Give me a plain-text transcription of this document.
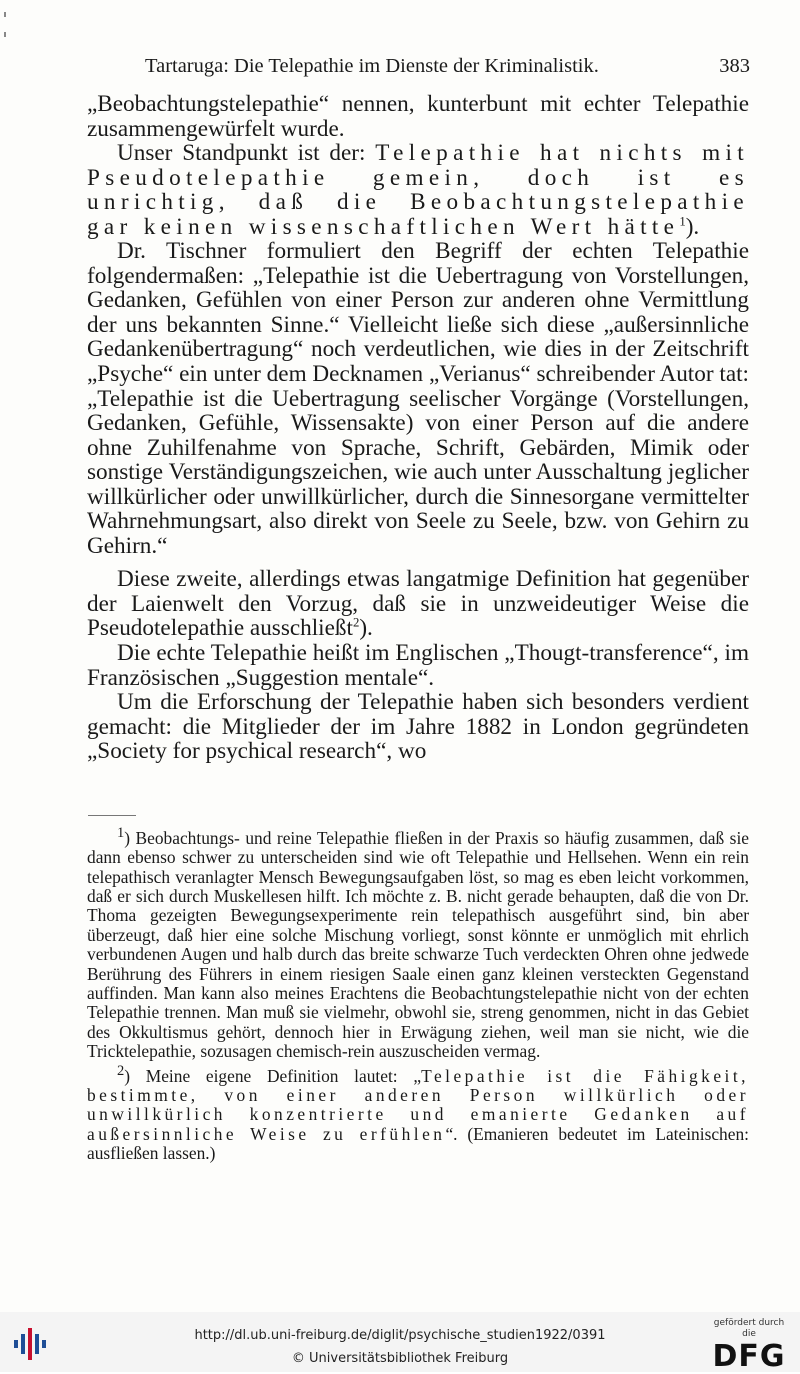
Tartaruga: Die Telepathie im Dienste der Kriminalistik.	383

„Beobachtungstelepathie“ nennen, kunterbunt mit echter Telepathie zusammengewürfelt wurde.

Unser Standpunkt ist der: Telepathie hat nichts mit Pseudotelepathie gemein, doch ist es unrichtig, daß die Beobachtungstelepathie gar keinen wissenschaftlichen Wert hätte$^1$).

Dr. Tischner formuliert den Begriff der echten Telepathie folgendermaßen: „Telepathie ist die Uebertragung von Vorstellungen, Gedanken, Gefühlen von einer Person zur anderen ohne Vermittlung der uns bekannten Sinne.“ Vielleicht ließe sich diese „außersinnliche Gedankenübertragung“ noch verdeutlichen, wie dies in der Zeitschrift „Psyche“ ein unter dem Decknamen „Verianus“ schreibender Autor tat: „Telepathie ist die Uebertragung seelischer Vorgänge (Vorstellungen, Gedanken, Gefühle, Wissensakte) von einer Person auf die andere ohne Zuhilfenahme von Sprache, Schrift, Gebärden, Mimik oder sonstige Verständigungszeichen, wie auch unter Ausschaltung jeglicher willkürlicher oder unwillkürlicher, durch die Sinnesorgane vermittelter Wahrnehmungsart, also direkt von Seele zu Seele, bzw. von Gehirn zu Gehirn.“

Diese zweite, allerdings etwas langatmige Definition hat gegenüber der Laienwelt den Vorzug, daß sie in unzweideutiger Weise die Pseudotelepathie ausschließt$^2$).

Die echte Telepathie heißt im Englischen „Thougt-transference“, im Französischen „Suggestion mentale“.

Um die Erforschung der Telepathie haben sich besonders verdient gemacht: die Mitglieder der im Jahre 1882 in London gegründeten „Society for psychical research“, wo

$^1$) Beobachtungs- und reine Telepathie fließen in der Praxis so häufig zusammen, daß sie dann ebenso schwer zu unterscheiden sind wie oft Telepathie und Hellsehen. Wenn ein rein telepathisch veranlagter Mensch Bewegungsaufgaben löst, so mag es eben leicht vorkommen, daß er sich durch Muskellesen hilft. Ich möchte z. B. nicht gerade behaupten, daß die von Dr. Thoma gezeigten Bewegungsexperimente rein telepathisch ausgeführt sind, bin aber überzeugt, daß hier eine solche Mischung vorliegt, sonst könnte er unmöglich mit ehrlich verbundenen Augen und halb durch das breite schwarze Tuch verdeckten Ohren ohne jedwede Berührung des Führers in einem riesigen Saale einen ganz kleinen versteckten Gegenstand auffinden. Man kann also meines Erachtens die Beobachtungstelepathie nicht von der echten Telepathie trennen. Man muß sie vielmehr, obwohl sie, streng genommen, nicht in das Gebiet des Okkultismus gehört, dennoch hier in Erwägung ziehen, weil man sie nicht, wie die Tricktelepathie, sozusagen chemisch-rein auszuscheiden vermag.

$^2$) Meine eigene Definition lautet: „Telepathie ist die Fähigkeit, bestimmte, von einer anderen Person willkürlich oder unwillkürlich konzentrierte und emanierte Gedanken auf außersinnliche Weise zu erfühlen“. (Emanieren bedeutet im Lateinischen: ausfließen lassen.)

http://dl.ub.uni-freiburg.de/diglit/psychische_studien1922/0391
© Universitätsbibliothek Freiburg
gefördert durch die
DFG
